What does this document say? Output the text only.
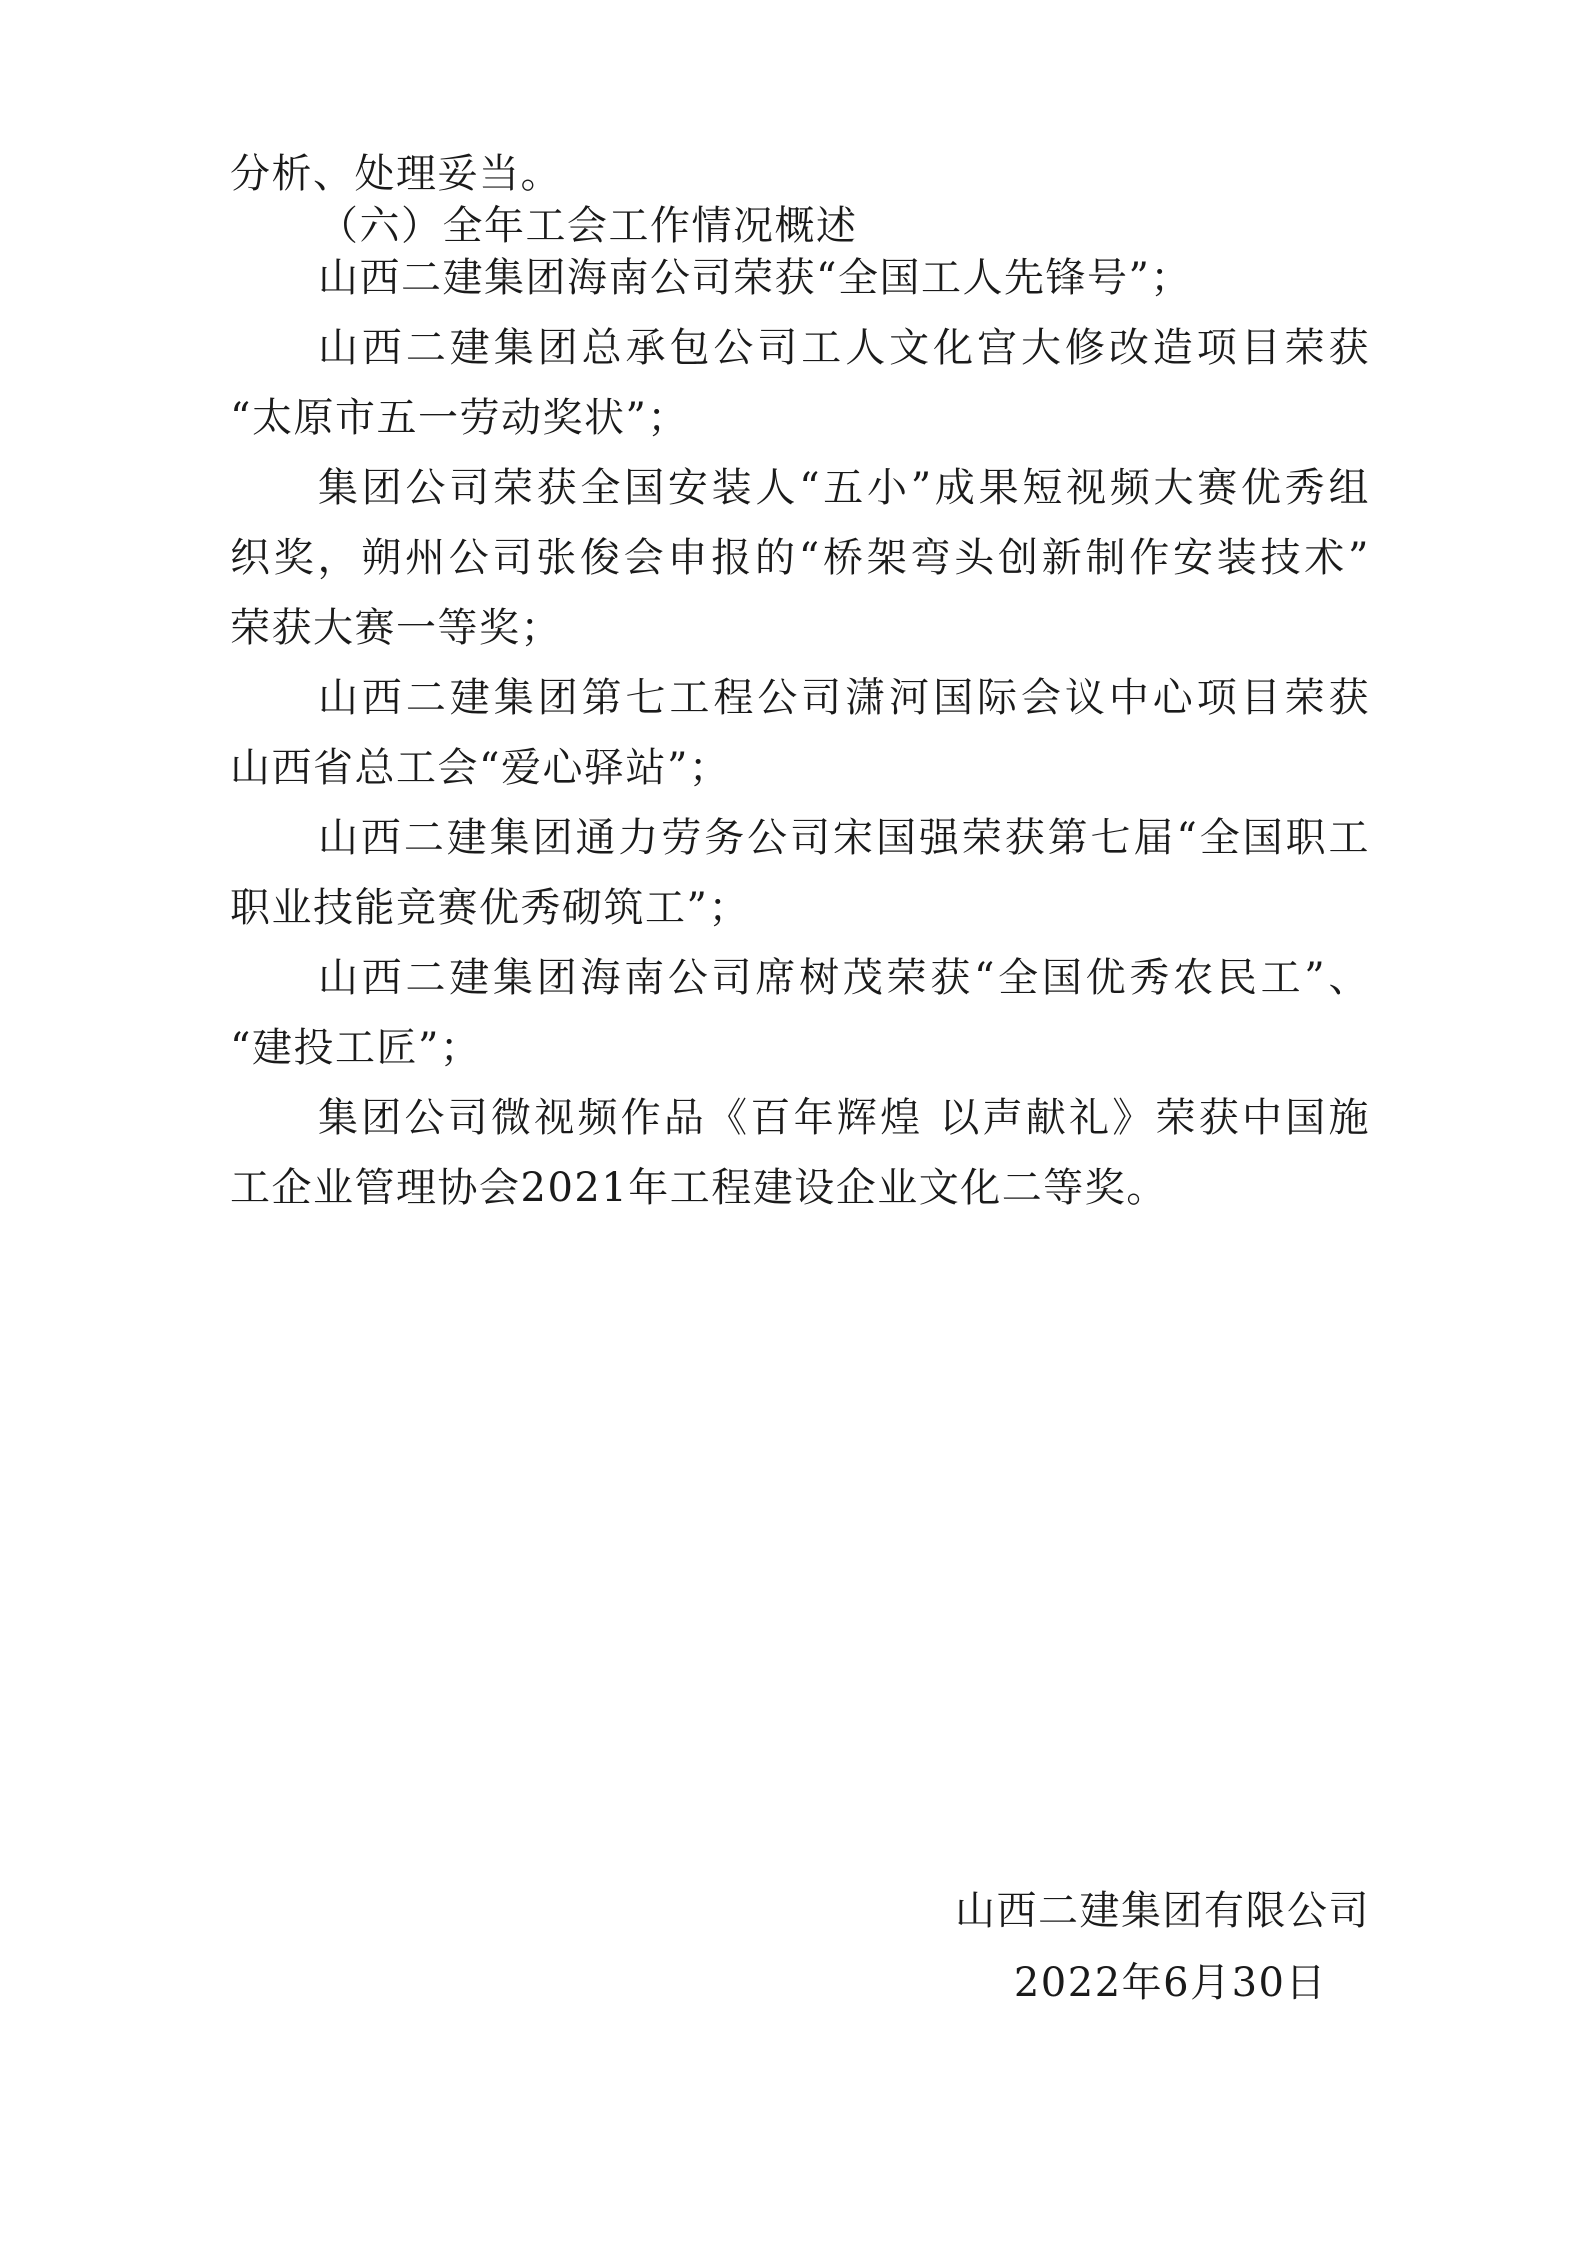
分析、处理妥当。
（六）全年工会工作情况概述
山西二建集团海南公司荣获“全国工人先锋号”；
山西二建集团总承包公司工人文化宫大修改造项目荣获
“太原市五一劳动奖状”；
集团公司荣获全国安装人“五小”成果短视频大赛优秀组
织奖，朔州公司张俊会申报的“桥架弯头创新制作安装技术”
荣获大赛一等奖；
山西二建集团第七工程公司潇河国际会议中心项目荣获
山西省总工会“爱心驿站”；
山西二建集团通力劳务公司宋国强荣获第七届“全国职工
职业技能竞赛优秀砌筑工”；
山西二建集团海南公司席树茂荣获“全国优秀农民工”、
“建投工匠”；
集团公司微视频作品《百年辉煌 以声献礼》荣获中国施
工企业管理协会2021年工程建设企业文化二等奖。
山西二建集团有限公司
2022年6月30日
